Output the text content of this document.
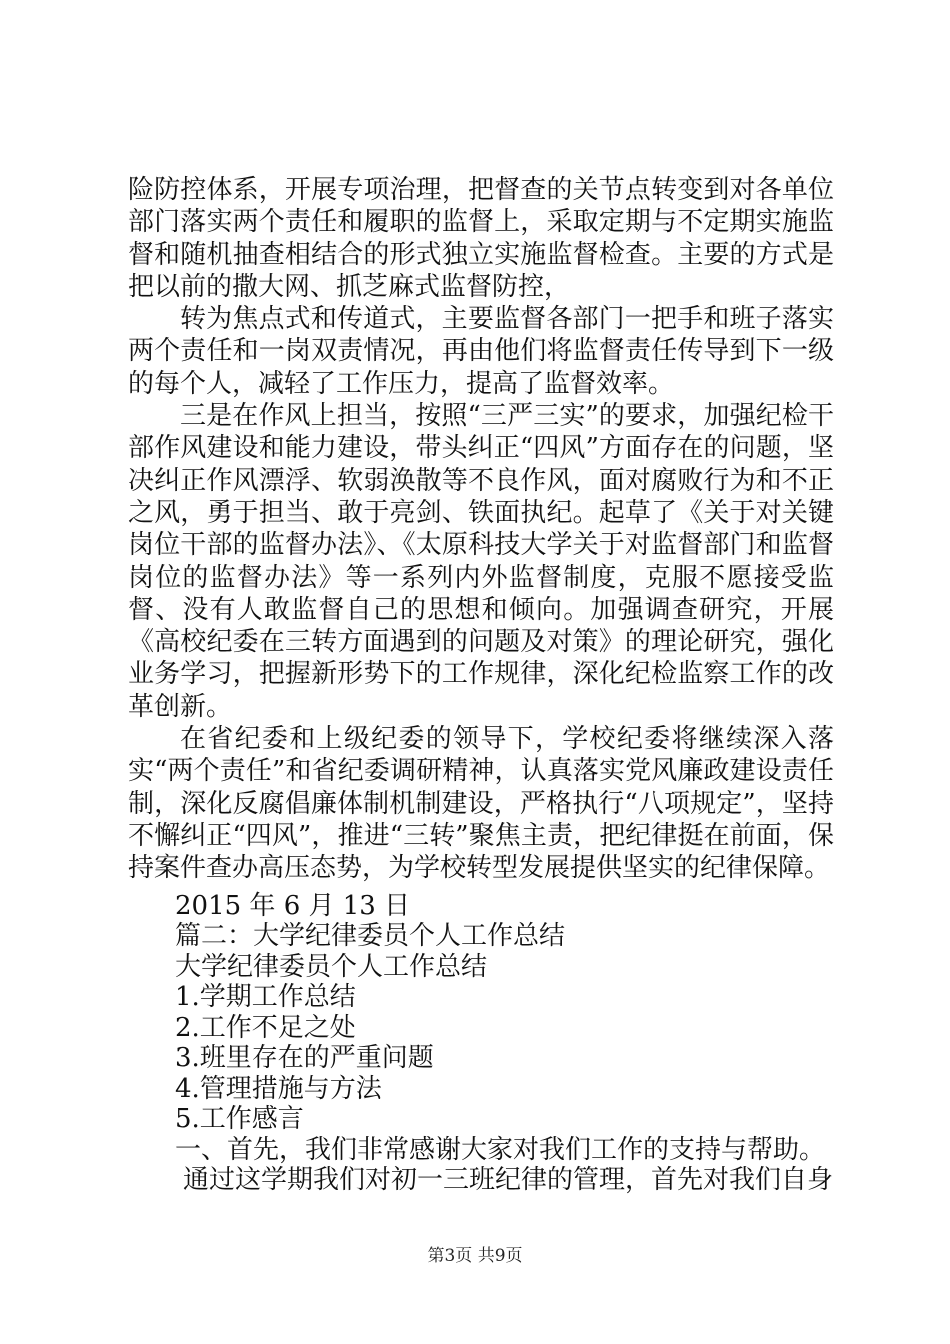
险防控体系，开展专项治理，把督查的关节点转变到对各单位部门落实两个责任和履职的监督上，采取定期与不定期实施监督和随机抽查相结合的形式独立实施监督检查。主要的方式是把以前的撒大网、抓芝麻式监督防控，

转为焦点式和传道式，主要监督各部门一把手和班子落实两个责任和一岗双责情况，再由他们将监督责任传导到下一级的每个人，减轻了工作压力，提高了监督效率。

三是在作风上担当，按照“三严三实”的要求，加强纪检干部作风建设和能力建设，带头纠正“四风”方面存在的问题，坚决纠正作风漂浮、软弱涣散等不良作风，面对腐败行为和不正之风，勇于担当、敢于亮剑、铁面执纪。起草了《关于对关键岗位干部的监督办法》、《太原科技大学关于对监督部门和监督岗位的监督办法》等一系列内外监督制度，克服不愿接受监督、没有人敢监督自己的思想和倾向。加强调查研究，开展《高校纪委在三转方面遇到的问题及对策》的理论研究，强化业务学习，把握新形势下的工作规律，深化纪检监察工作的改革创新。

在省纪委和上级纪委的领导下，学校纪委将继续深入落实“两个责任”和省纪委调研精神，认真落实党风廉政建设责任制，深化反腐倡廉体制机制建设，严格执行“八项规定”，坚持不懈纠正“四风”，推进“三转”聚焦主责，把纪律挺在前面，保持案件查办高压态势，为学校转型发展提供坚实的纪律保障。

2015 年 6 月 13 日
篇二：大学纪律委员个人工作总结
大学纪律委员个人工作总结
1.学期工作总结
2.工作不足之处
3.班里存在的严重问题
4.管理措施与方法
5.工作感言
一、首先，我们非常感谢大家对我们工作的支持与帮助。
通过这学期我们对初一三班纪律的管理，首先对我们自身
第3页 共9页
